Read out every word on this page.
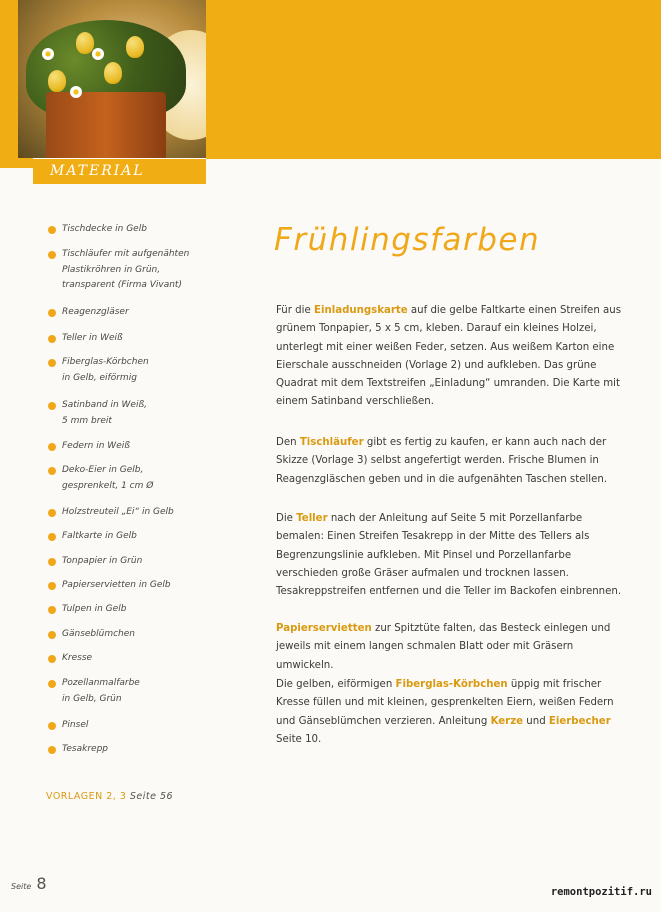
MATERIAL
Tischdecke in Gelb
Tischläufer mit aufgenähten
Plastikröhren in Grün,
transparent (Firma Vivant)
Reagenzgläser
Teller in Weiß
Fiberglas-Körbchen
in Gelb, eiförmig
Satinband in Weiß,
5 mm breit
Federn in Weiß
Deko-Eier in Gelb,
gesprenkelt, 1 cm Ø
Holzstreuteil „Ei“ in Gelb
Faltkarte in Gelb
Tonpapier in Grün
Papierservietten in Gelb
Tulpen in Gelb
Gänseblümchen
Kresse
Pozellanmalfarbe
in Gelb, Grün
Pinsel
Tesakrepp
VORLAGEN 2, 3 Seite 56
Seite 8
Frühlingsfarben

Für die Einladungskarte auf die gelbe Faltkarte einen Streifen aus grünem Tonpapier, 5 x 5 cm, kleben. Darauf ein kleines Holzei, unterlegt mit einer weißen Feder, setzen. Aus weißem Karton eine Eierschale ausschneiden (Vorlage 2) und aufkleben. Das grüne Quadrat mit dem Textstreifen „Einladung“ umranden. Die Karte mit einem Satinband verschließen.

Den Tischläufer gibt es fertig zu kaufen, er kann auch nach der Skizze (Vorlage 3) selbst angefertigt werden. Frische Blumen in Reagenzgläschen geben und in die aufgenähten Taschen stellen.

Die Teller nach der Anleitung auf Seite 5 mit Porzellanfarbe bemalen: Einen Streifen Tesakrepp in der Mitte des Tellers als Begrenzungslinie aufkleben. Mit Pinsel und Porzellanfarbe verschieden große Gräser aufmalen und trocknen lassen. Tesakreppstreifen entfernen und die Teller im Backofen einbrennen.

Papierservietten zur Spitztüte falten, das Besteck einlegen und jeweils mit einem langen schmalen Blatt oder mit Gräsern umwickeln.

Die gelben, eiförmigen Fiberglas-Körbchen üppig mit frischer Kresse füllen und mit kleinen, gesprenkelten Eiern, weißen Federn und Gänseblümchen verzieren. Anleitung Kerze und Eierbecher Seite 10.

remontpozitif.ru
